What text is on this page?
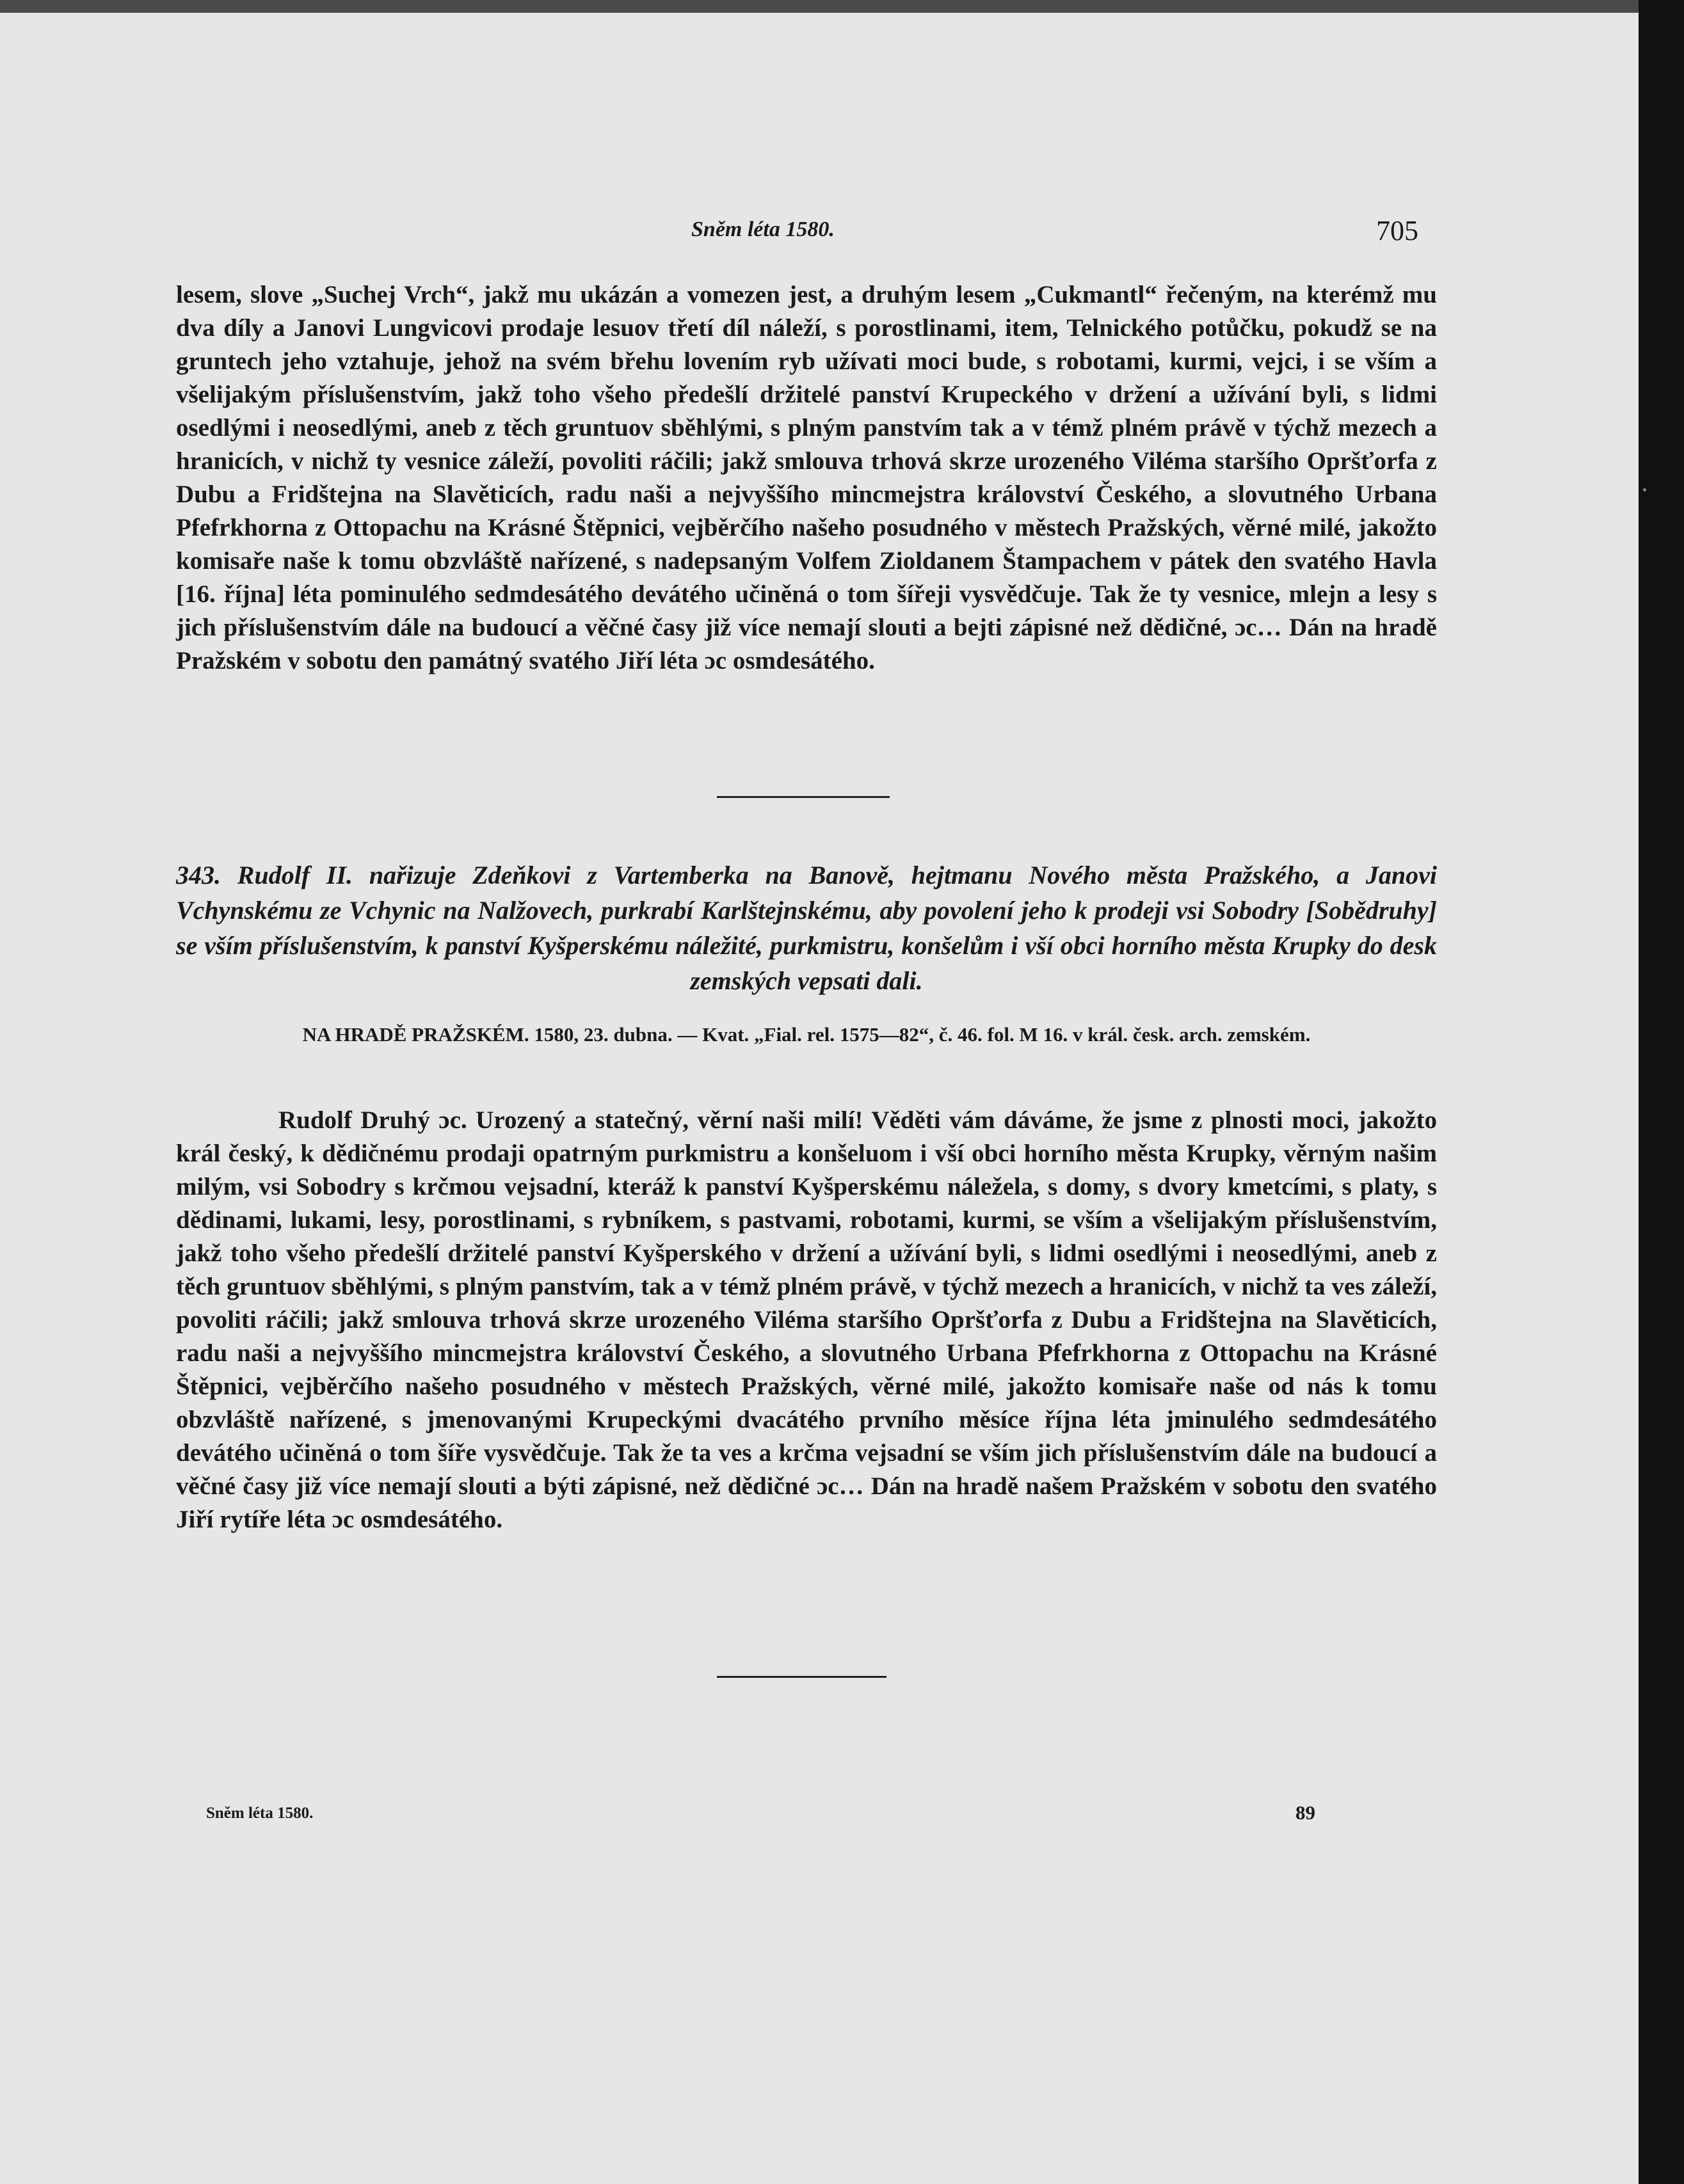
Sněm léta 1580.	705

lesem, slove „Suchej Vrch“, jakž mu ukázán a vomezen jest, a druhým lesem „Cukmantl“ řečeným, na kterémž mu dva díly a Janovi Lungvicovi prodaje lesuov třetí díl náleží, s porostlinami, item, Telnického potůčku, pokudž se na gruntech jeho vztahuje, jehož na svém břehu lovením ryb užívati moci bude, s robotami, kurmi, vejci, i se vším a všelijakým příslušenstvím, jakž toho všeho předešlí držitelé panství Krupeckého v držení a užívání byli, s lidmi osedlými i neosedlými, aneb z těch gruntuov sběhlými, s plným panstvím tak a v témž plném právě v týchž mezech a hranicích, v nichž ty vesnice záleží, povoliti ráčili; jakž smlouva trhová skrze urozeného Viléma staršího Opršťorfa z Dubu a Fridštejna na Slavěticích, radu naši a nejvyššího mincmejstra království Českého, a slovutného Urbana Pfefrkhorna z Ottopachu na Krásné Štěpnici, vejběrčího našeho posudného v městech Pražských, věrné milé, jakožto komisaře naše k tomu obzvláště nařízené, s nadepsaným Volfem Zioldanem Štampachem v pátek den svatého Havla [16. října] léta pominulého sedmdesátého devátého učiněná o tom šířeji vysvědčuje. Tak že ty vesnice, mlejn a lesy s jich příslušenstvím dále na budoucí a věčné časy již více nemají slouti a bejti zápisné než dědičné, ɔc… Dán na hradě Pražském v sobotu den památný svatého Jiří léta ɔc osmdesátého.

343. Rudolf II. nařizuje Zdeňkovi z Vartemberka na Banově, hejtmanu Nového města Pražského, a Janovi Vchynskému ze Vchynic na Nalžovech, purkrabí Karlštejnskému, aby povolení jeho k prodeji vsi Sobodry [Sobědruhy] se vším příslušenstvím, k panství Kyšperskému náležité, purkmistru, konšelům i vší obci horního města Krupky do desk zemských vepsati dali.

NA HRADĚ PRAŽSKÉM. 1580, 23. dubna. — Kvat. „Fial. rel. 1575—82“, č. 46. fol. M 16. v král. česk. arch. zemském.

Rudolf Druhý ɔc. Urozený a statečný, věrní naši milí! Věděti vám dáváme, že jsme z plnosti moci, jakožto král český, k dědičnému prodaji opatrným purkmistru a konšeluom i vší obci horního města Krupky, věrným našim milým, vsi Sobodry s krčmou vejsadní, kteráž k panství Kyšperskému náležela, s domy, s dvory kmetcími, s platy, s dědinami, lukami, lesy, porostlinami, s rybníkem, s pastvami, robotami, kurmi, se vším a všelijakým příslušenstvím, jakž toho všeho předešlí držitelé panství Kyšperského v držení a užívání byli, s lidmi osedlými i neosedlými, aneb z těch gruntuov sběhlými, s plným panstvím, tak a v témž plném právě, v týchž mezech a hranicích, v nichž ta ves záleží, povoliti ráčili; jakž smlouva trhová skrze urozeného Viléma staršího Opršťorfa z Dubu a Fridštejna na Slavěticích, radu naši a nejvyššího mincmejstra království Českého, a slovutného Urbana Pfefrkhorna z Ottopachu na Krásné Štěpnici, vejběrčího našeho posudného v městech Pražských, věrné milé, jakožto komisaře naše od nás k tomu obzvláště nařízené, s jmenovanými Krupeckými dvacátého prvního měsíce října léta jminulého sedmdesátého devátého učiněná o tom šíře vysvědčuje. Tak že ta ves a krčma vejsadní se vším jich příslušenstvím dále na budoucí a věčné časy již více nemají slouti a býti zápisné, než dědičné ɔc… Dán na hradě našem Pražském v sobotu den svatého Jiří rytíře léta ɔc osmdesátého.

Sněm léta 1580.	89
